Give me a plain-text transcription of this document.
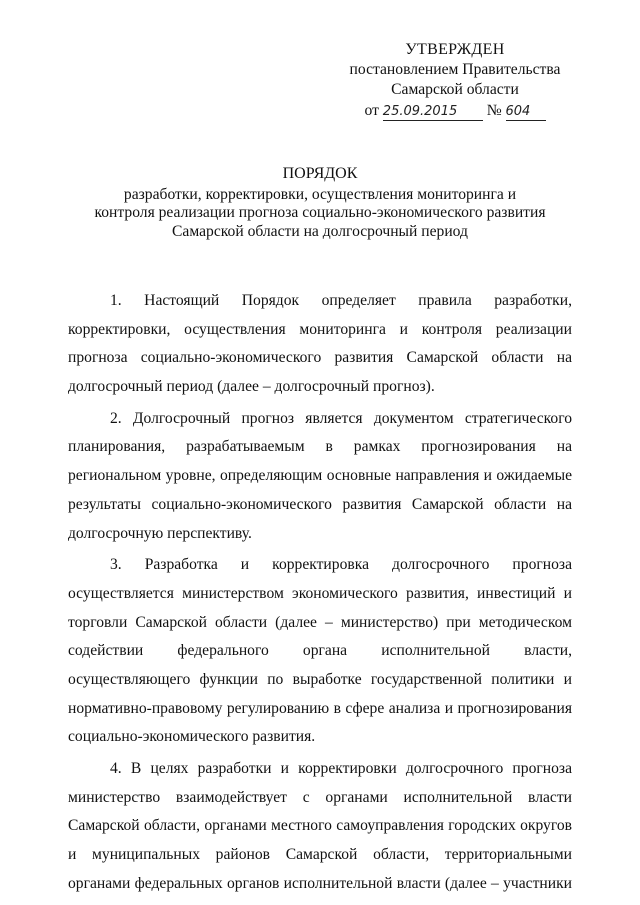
УТВЕРЖДЕН
постановлением Правительства
Самарской области
от 25.09.2015 № 604
ПОРЯДОК
разработки, корректировки, осуществления мониторинга и
контроля реализации прогноза социально-экономического развития
Самарской области на долгосрочный период
1. Настоящий Порядок определяет правила разработки,
корректировки, осуществления мониторинга и контроля реализации
прогноза социально-экономического развития Самарской области на
долгосрочный период (далее – долгосрочный прогноз).
2. Долгосрочный прогноз является документом стратегического
планирования, разрабатываемым в рамках прогнозирования на
региональном уровне, определяющим основные направления и ожидаемые
результаты социально-экономического развития Самарской области на
долгосрочную перспективу.
3. Разработка и корректировка долгосрочного прогноза
осуществляется министерством экономического развития, инвестиций и
торговли Самарской области (далее – министерство) при методическом
содействии федерального органа исполнительной власти,
осуществляющего функции по выработке государственной политики и
нормативно-правовому регулированию в сфере анализа и прогнозирования
социально-экономического развития.
4. В целях разработки и корректировки долгосрочного прогноза
министерство взаимодействует с органами исполнительной власти
Самарской области, органами местного самоуправления городских округов
и муниципальных районов Самарской области, территориальными
органами федеральных органов исполнительной власти (далее – участники
